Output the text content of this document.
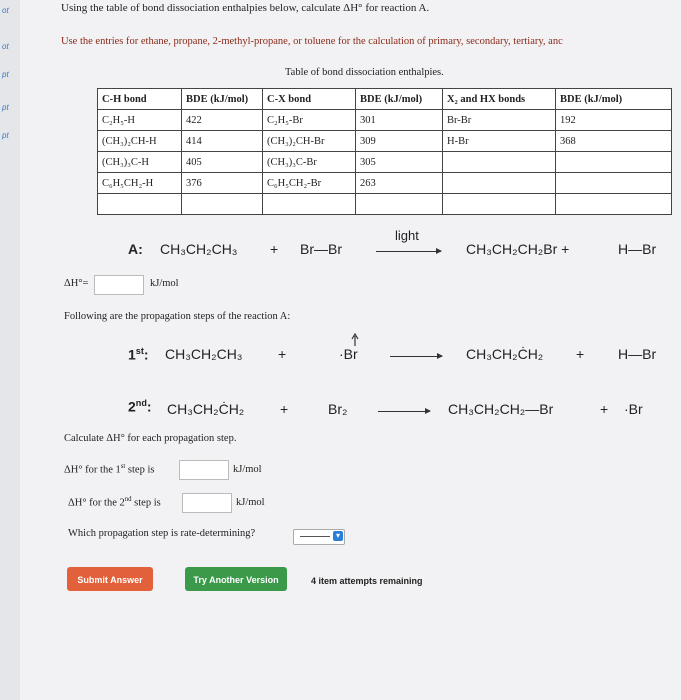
ot
ot
pt
pt
pt
Using the table of bond dissociation enthalpies below, calculate ΔH° for reaction A.
Use the entries for ethane, propane, 2-methyl-propane, or toluene for the calculation of primary, secondary, tertiary, anc
Table of bond dissociation enthalpies.
C-H bond	BDE (kJ/mol)	C-X bond	BDE (kJ/mol)	X₂ and HX bonds	BDE (kJ/mol)
C₂H₅-H	422	C₂H₅-Br	301	Br-Br	192
(CH₃)₂CH-H	414	(CH₃)₂CH-Br	309	H-Br	368
(CH₃)₃C-H	405	(CH₃)₃C-Br	305		
C₆H₅CH₂-H	376	C₆H₅CH₂-Br	263		

A: CH₃CH₂CH₃ + Br—Br
light
CH₃CH₂CH₂Br +	H—Br
ΔH°=	kJ/mol
Following are the propagation steps of the reaction A:
1st: CH₃CH₂CH₃	+	·Br	CH₃CH₂ĊH₂ + H—Br
2nd: CH₃CH₂ĊH₂	+	Br₂	CH₃CH₂CH₂—Br	+ ·Br
Calculate ΔH° for each propagation step.
ΔH° for the 1st step is	kJ/mol
ΔH° for the 2nd step is	kJ/mol
Which propagation step is rate-determining?	▾
Submit Answer	Try Another Version	4 item attempts remaining
